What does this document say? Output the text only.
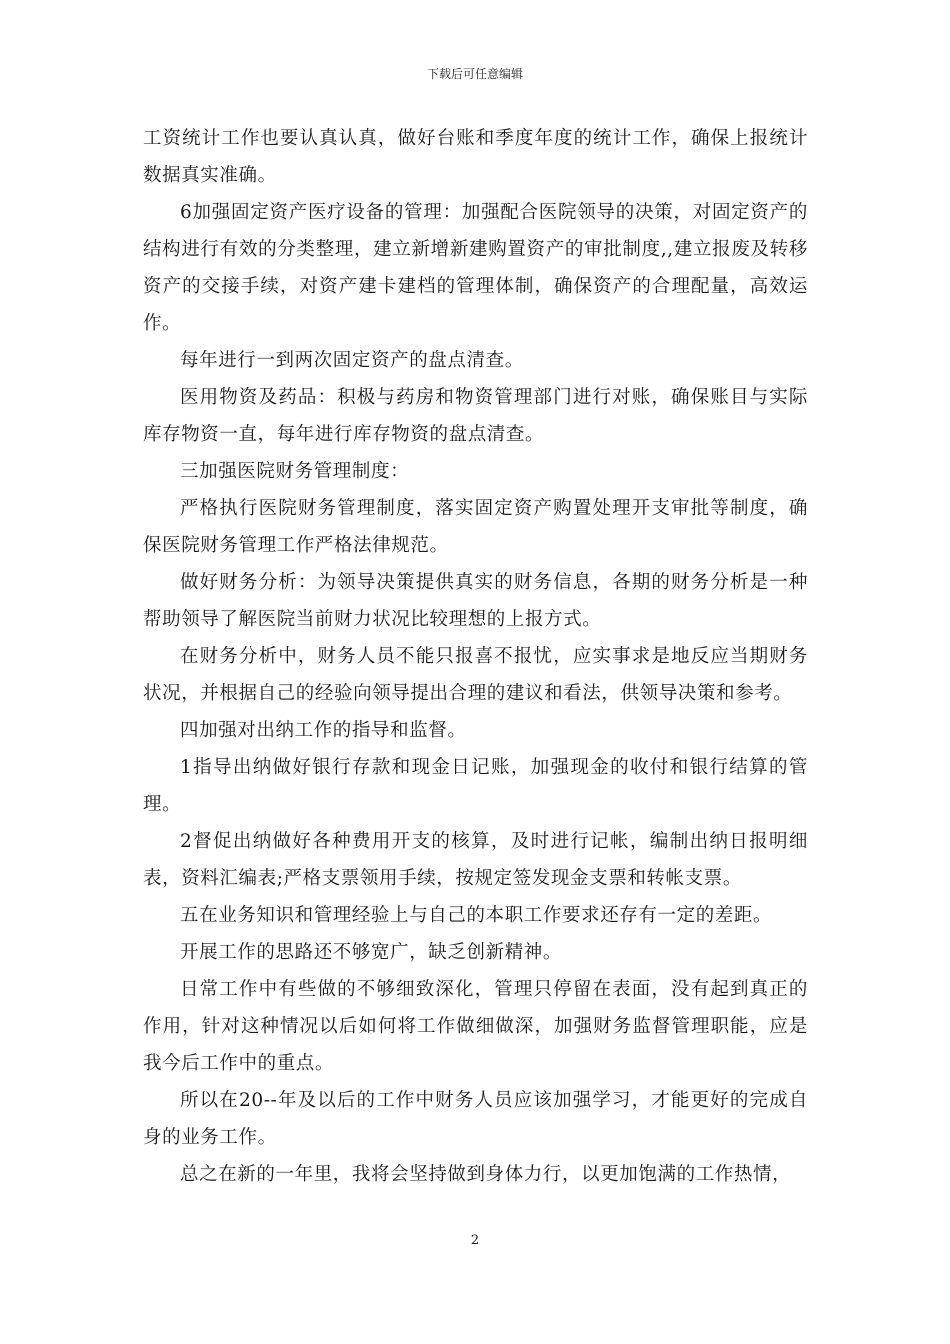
下载后可任意编辑

工资统计工作也要认真认真，做好台账和季度年度的统计工作，确保上报统计数据真实准确。

6加强固定资产医疗设备的管理：加强配合医院领导的决策，对固定资产的结构进行有效的分类整理，建立新增新建购置资产的审批制度,,建立报废及转移资产的交接手续，对资产建卡建档的管理体制，确保资产的合理配量，高效运作。

每年进行一到两次固定资产的盘点清查。

医用物资及药品：积极与药房和物资管理部门进行对账，确保账目与实际库存物资一直，每年进行库存物资的盘点清查。

三加强医院财务管理制度：

严格执行医院财务管理制度，落实固定资产购置处理开支审批等制度，确保医院财务管理工作严格法律规范。

做好财务分析：为领导决策提供真实的财务信息，各期的财务分析是一种帮助领导了解医院当前财力状况比较理想的上报方式。

在财务分析中，财务人员不能只报喜不报忧，应实事求是地反应当期财务状况，并根据自己的经验向领导提出合理的建议和看法，供领导决策和参考。

四加强对出纳工作的指导和监督。

1指导出纳做好银行存款和现金日记账，加强现金的收付和银行结算的管理。

2督促出纳做好各种费用开支的核算，及时进行记帐，编制出纳日报明细表，资料汇编表;严格支票领用手续，按规定签发现金支票和转帐支票。

五在业务知识和管理经验上与自己的本职工作要求还存有一定的差距。

开展工作的思路还不够宽广，缺乏创新精神。

日常工作中有些做的不够细致深化，管理只停留在表面，没有起到真正的作用，针对这种情况以后如何将工作做细做深，加强财务监督管理职能，应是我今后工作中的重点。

所以在20--年及以后的工作中财务人员应该加强学习，才能更好的完成自身的业务工作。

总之在新的一年里，我将会坚持做到身体力行，以更加饱满的工作热情，

2
